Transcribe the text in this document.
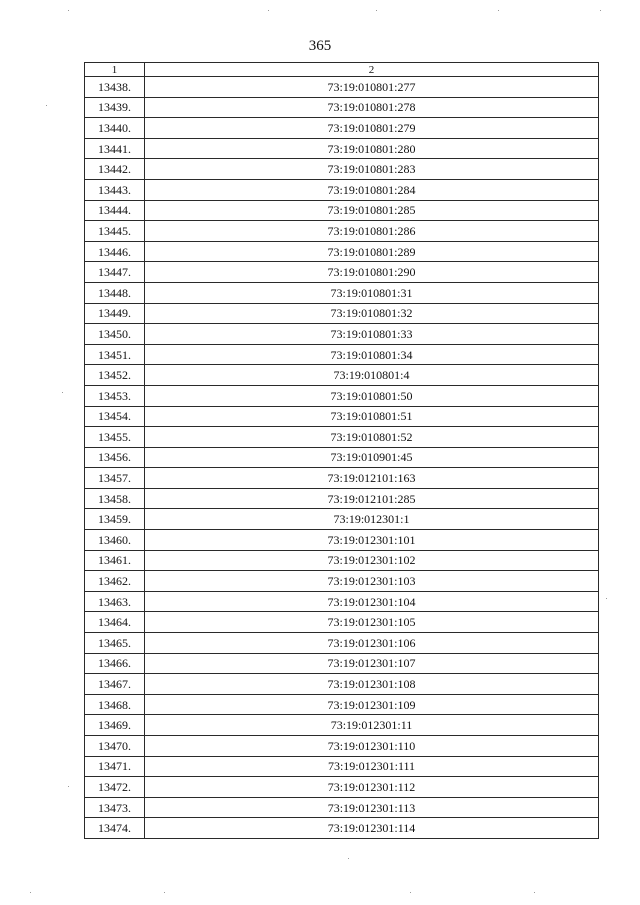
365
1	2
13438.	73:19:010801:277
13439.	73:19:010801:278
13440.	73:19:010801:279
13441.	73:19:010801:280
13442.	73:19:010801:283
13443.	73:19:010801:284
13444.	73:19:010801:285
13445.	73:19:010801:286
13446.	73:19:010801:289
13447.	73:19:010801:290
13448.	73:19:010801:31
13449.	73:19:010801:32
13450.	73:19:010801:33
13451.	73:19:010801:34
13452.	73:19:010801:4
13453.	73:19:010801:50
13454.	73:19:010801:51
13455.	73:19:010801:52
13456.	73:19:010901:45
13457.	73:19:012101:163
13458.	73:19:012101:285
13459.	73:19:012301:1
13460.	73:19:012301:101
13461.	73:19:012301:102
13462.	73:19:012301:103
13463.	73:19:012301:104
13464.	73:19:012301:105
13465.	73:19:012301:106
13466.	73:19:012301:107
13467.	73:19:012301:108
13468.	73:19:012301:109
13469.	73:19:012301:11
13470.	73:19:012301:110
13471.	73:19:012301:111
13472.	73:19:012301:112
13473.	73:19:012301:113
13474.	73:19:012301:114
